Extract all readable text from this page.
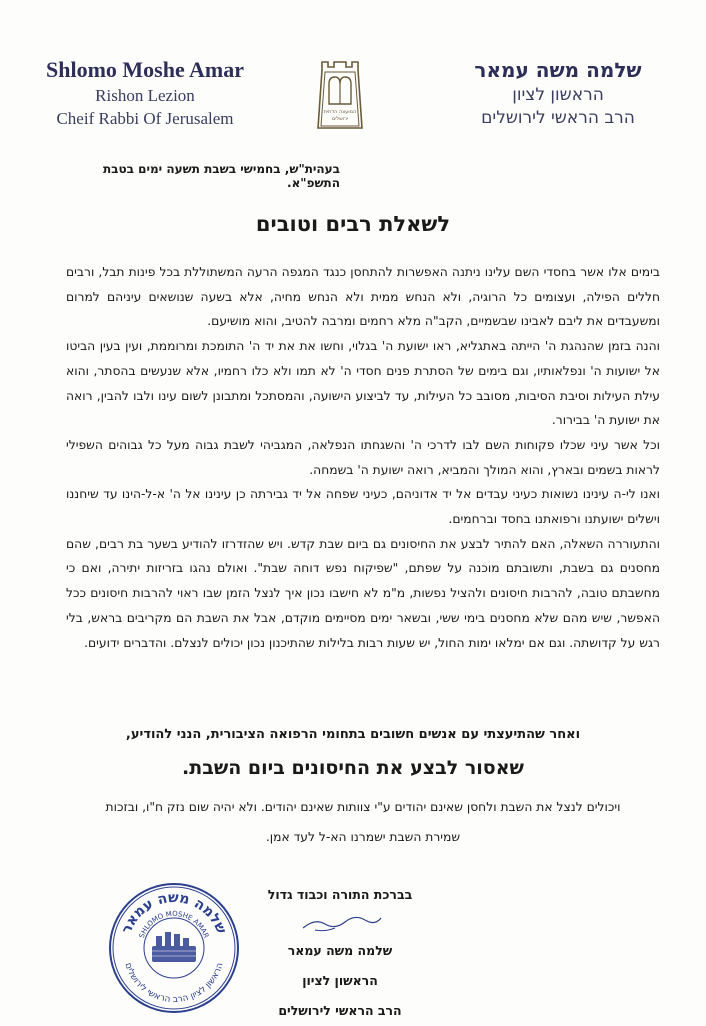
Shlomo Moshe Amar
Rishon Lezion
Cheif Rabbi Of Jerusalem	המועצה הדתית
ירושלים
שלמה משה עמאר
הראשון לציון
הרב הראשי לירושלים
בעהית"ש, בחמישי בשבת תשעה ימים בטבת התשפ"א.
לשאלת רבים וטובים

בימים אלו אשר בחסדי השם עלינו ניתנה האפשרות להתחסן כנגד המגפה הרעה המשתוללת בכל פינות תבל, ורבים חללים הפילה, ועצומים כל הרוגיה, ולא הנחש ממית ולא הנחש מחיה, אלא בשעה שנושאים עיניהם למרום ומשעבדים את ליבם לאבינו שבשמיים, הקב"ה מלא רחמים ומרבה להטיב, והוא מושיעם.

והנה בזמן שהנהגת ה' הייתה באתגליא, ראו ישועת ה' בגלוי, וחשו את את יד ה' התומכת ומרוממת, ועין בעין הביטו אל ישועות ה' ונפלאותיו, וגם בימים של הסתרת פנים חסדי ה' לא תמו ולא כלו רחמיו, אלא שנעשים בהסתר, והוא עילת העילות וסיבת הסיבות, מסובב כל העילות, עד לביצוע הישועה, והמסתכל ומתבונן לשום עינו ולבו להבין, רואה את ישועת ה' בבירור.

וכל אשר עיני שכלו פקוחות השם לבו לדרכי ה' והשגחתו הנפלאה, המגביהי לשבת גבוה מעל כל גבוהים השפילי לראות בשמים ובארץ, והוא המולך והמביא, רואה ישועת ה' בשמחה.

ואנו לי-ה עינינו נשואות כעיני עבדים אל יד אדוניהם, כעיני שפחה אל יד גבירתה כן עינינו אל ה' א-ל-הינו עד שיחננו וישלים ישועתנו ורפואתנו בחסד וברחמים.

והתעוררה השאלה, האם להתיר לבצע את החיסונים גם ביום שבת קדש. ויש שהזדרזו להודיע בשער בת רבים, שהם מחסנים גם בשבת, ותשובתם מוכנה על שפתם, "שפיקוח נפש דוחה שבת". ואולם נהגו בזריזות יתירה, ואם כי מחשבתם טובה, להרבות חיסונים ולהציל נפשות, מ"מ לא חישבו נכון איך לנצל הזמן שבו ראוי להרבות חיסונים ככל האפשר, שיש מהם שלא מחסנים בימי ששי, ובשאר ימים מסיימים מוקדם, אבל את השבת הם מקריבים בראש, בלי רגש על קדושתה. וגם אם ימלאו ימות החול, יש שעות רבות בלילות שהתיכנון נכון יכולים לנצלם. והדברים ידועים.

ואחר שהתיעצתי עם אנשים חשובים בתחומי הרפואה הציבורית, הנני להודיע,
שאסור לבצע את החיסונים ביום השבת.
ויכולים לנצל את השבת ולחסן שאינם יהודים ע"י צוותות שאינם יהודים. ולא יהיה שום נזק ח"ו, ובזכות
שמירת השבת ישמרנו הא-ל לעד אמן.
שלמה משה עמאר
הראשון לציון הרב הראשי לירושלים
SHLOMO MOSHE AMAR
בברכת התורה וכבוד גדול
שלמה משה עמאר
הראשון לציון
הרב הראשי לירושלים
